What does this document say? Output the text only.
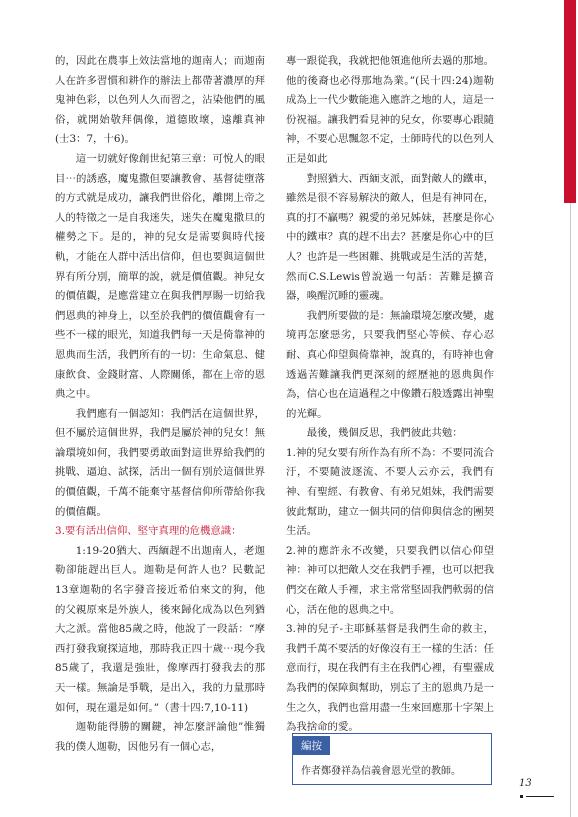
的，因此在農事上效法當地的迦南人；而迦南人在許多習慣和耕作的辦法上都帶著濃厚的拜鬼神色彩，以色列人久而習之，沾染他們的風俗，就開始敬拜偶像，道德敗壞，遠離真神(士3：7，十6)。

這一切就好像創世紀第三章：可悅人的眼目⋯的誘惑，魔鬼撒但要讓教會、基督徒墮落的方式就是成功，讓我們世俗化，離開上帝之人的特徵之一是自我迷失，迷失在魔鬼撒旦的權勢之下。是的，神的兒女是需要與時代接軌，才能在人群中活出信仰，但也要與這個世界有所分別，簡單的說，就是價值觀。神兒女的價值觀，是應當建立在與我們厚賜一切給我們恩典的神身上，以至於我們的價值觀會有一些不一樣的眼光，知道我們每一天是倚靠神的恩典而生活，我們所有的一切：生命氣息、健康飲食、金錢財富、人際關係，都在上帝的恩典之中。

我們應有一個認知：我們活在這個世界，但不屬於這個世界，我們是屬於神的兒女！無論環境如何，我們要勇敢面對這世界給我們的挑戰、逼迫、試探，活出一個有別於這個世界的價值觀，千萬不能棄守基督信仰所帶給你我的價值觀。

3.要有活出信仰、堅守真理的危機意識：

1:19-20猶大、西緬趕不出迦南人，老迦勒卻能趕出巨人。迦勒是何許人也？民數記13章迦勒的名字發音接近希伯來文的狗，他的父親原來是外族人，後來歸化成為以色列猶大之派。當他85歲之時，他說了一段話：“摩西打發我窺探這地，那時我正四十歲⋯現今我85歲了，我還是強壯，像摩西打發我去的那天一樣。無論是爭戰，是出入，我的力量那時如何，現在還是如何。”（書十四:7,10-11)

迦勒能得勝的關鍵，神怎麼評論他”惟獨我的僕人迦勒，因他另有一個心志，

專一跟從我，我就把他領進他所去過的那地。他的後裔也必得那地為業。”(民十四:24)迦勒成為上一代少數能進入應許之地的人，這是一份祝福。讓我們看見神的兒女，你要專心跟隨神，不要心思飄忽不定，士師時代的以色列人正是如此

對照猶大、西緬支派，面對敵人的鐵車，雖然是很不容易解決的敵人，但是有神同在，真的打不贏嗎？親愛的弟兄姊妹，甚麼是你心中的鐵車？真的趕不出去？甚麼是你心中的巨人？也許是一些困難、挑戰或是生活的苦楚，然而C.S.Lewis曾說過一句話：苦難是擴音器，喚醒沉睡的靈魂。

我們所要做的是：無論環境怎麼改變，處境再怎麼惡劣，只要我們堅心等候、存心忍耐、真心仰望與倚靠神，說真的，有時神也會透過苦難讓我們更深刻的經歷祂的恩典與作為，信心也在這過程之中像鑽石般透露出神聖的光輝。

最後，幾個反思，我們彼此共勉：

1.神的兒女要有所作為有所不為：不要同流合汙，不要隨波逐流、不要人云亦云，我們有神、有聖經、有教會、有弟兄姐妹，我們需要彼此幫助，建立一個共同的信仰與信念的團契生活。

2.神的應許永不改變，只要我們以信心仰望神：神可以把敵人交在我們手裡，也可以把我們交在敵人手裡，求主常常堅固我們軟弱的信心，活在他的恩典之中。

3.神的兒子-主耶穌基督是我們生命的救主，我們千萬不要活的好像沒有王一樣的生活：任意而行，現在我們有主在我們心裡，有聖靈成為我們的保障與幫助，別忘了主的恩典乃是一生之久，我們也當用盡一生來回應那十字架上為我捨命的愛。

編按
作者鄭發祥為信義會恩光堂的教師。
13
